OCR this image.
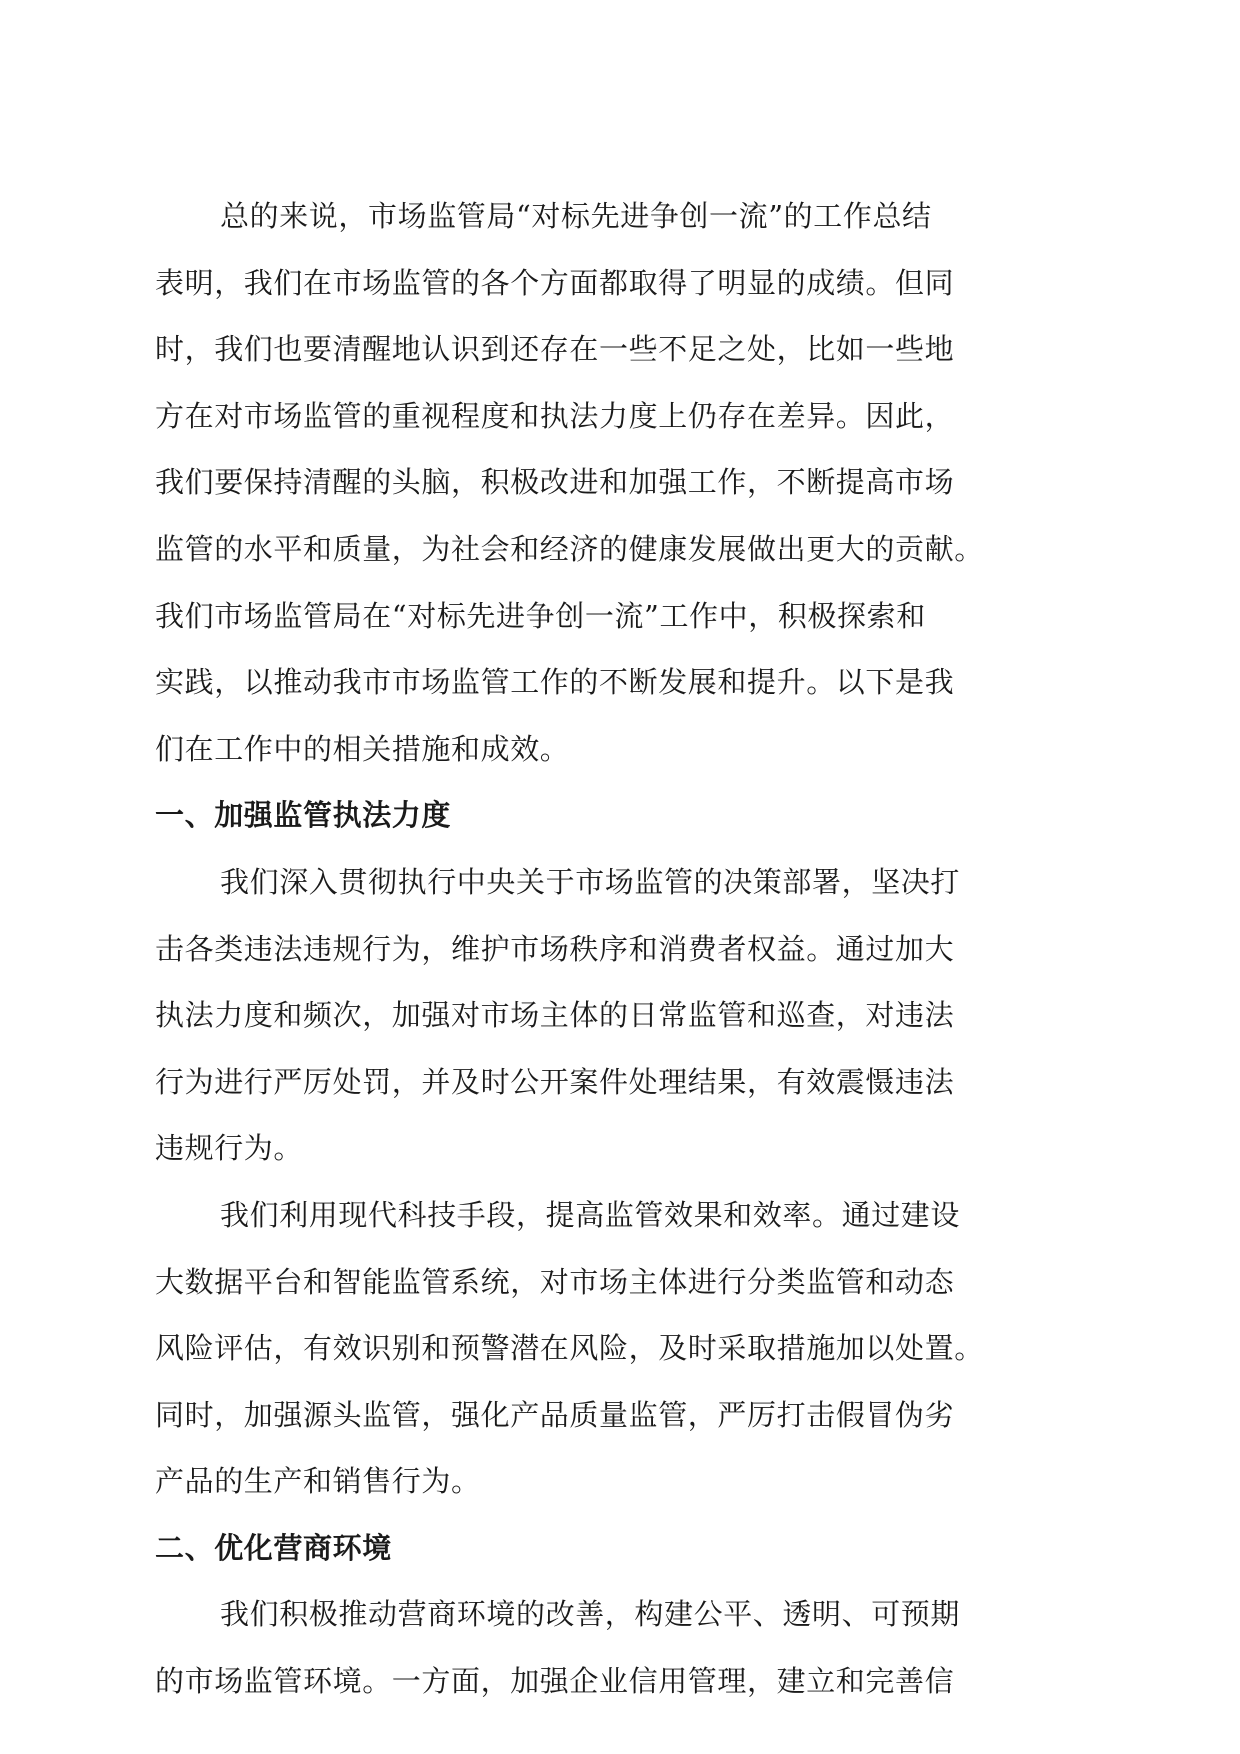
总的来说，市场监管局“对标先进争创一流”的工作总结
表明，我们在市场监管的各个方面都取得了明显的成绩。但同
时，我们也要清醒地认识到还存在一些不足之处，比如一些地
方在对市场监管的重视程度和执法力度上仍存在差异。因此，
我们要保持清醒的头脑，积极改进和加强工作，不断提高市场
监管的水平和质量，为社会和经济的健康发展做出更大的贡献。
我们市场监管局在“对标先进争创一流”工作中，积极探索和
实践，以推动我市市场监管工作的不断发展和提升。以下是我
们在工作中的相关措施和成效。

一、加强监管执法力度

我们深入贯彻执行中央关于市场监管的决策部署，坚决打
击各类违法违规行为，维护市场秩序和消费者权益。通过加大
执法力度和频次，加强对市场主体的日常监管和巡查，对违法
行为进行严厉处罚，并及时公开案件处理结果，有效震慑违法
违规行为。

我们利用现代科技手段，提高监管效果和效率。通过建设
大数据平台和智能监管系统，对市场主体进行分类监管和动态
风险评估，有效识别和预警潜在风险，及时采取措施加以处置。
同时，加强源头监管，强化产品质量监管，严厉打击假冒伪劣
产品的生产和销售行为。

二、优化营商环境

我们积极推动营商环境的改善，构建公平、透明、可预期
的市场监管环境。一方面，加强企业信用管理，建立和完善信
